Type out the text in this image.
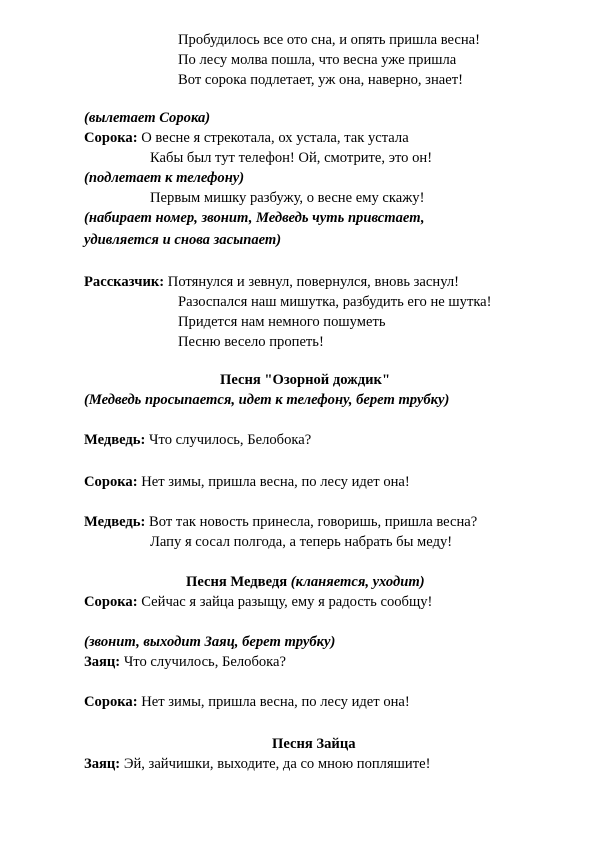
Пробудилось все ото сна, и опять пришла весна!
По лесу молва пошла, что весна уже пришла
Вот сорока подлетает, уж она, наверно, знает!
(вылетает Сорока)
Сорока: О весне я стрекотала, ох устала, так устала
Кабы был тут телефон! Ой, смотрите, это он!
(подлетает к телефону)
Первым мишку разбужу, о весне ему скажу!
(набирает номер, звонит, Медведь чуть привстает,
удивляется и снова засыпает)
Рассказчик: Потянулся и зевнул, повернулся, вновь заснул!
Разоспался наш мишутка, разбудить его не шутка!
Придется нам немного пошуметь
Песню весело пропеть!
Песня "Озорной дождик"
(Медведь просыпается, идет к телефону, берет трубку)
Медведь: Что случилось, Белобока?
Сорока: Нет зимы, пришла весна, по лесу идет она!
Медведь: Вот так новость принесла, говоришь, пришла весна?
Лапу я сосал полгода, а теперь набрать бы меду!
Песня Медведя (кланяется, уходит)
Сорока: Сейчас я зайца разыщу, ему я радость сообщу!
(звонит, выходит Заяц, берет трубку)
Заяц: Что случилось, Белобока?
Сорока: Нет зимы, пришла весна, по лесу идет она!
Песня Зайца
Заяц: Эй, зайчишки, выходите, да со мною попляшите!
